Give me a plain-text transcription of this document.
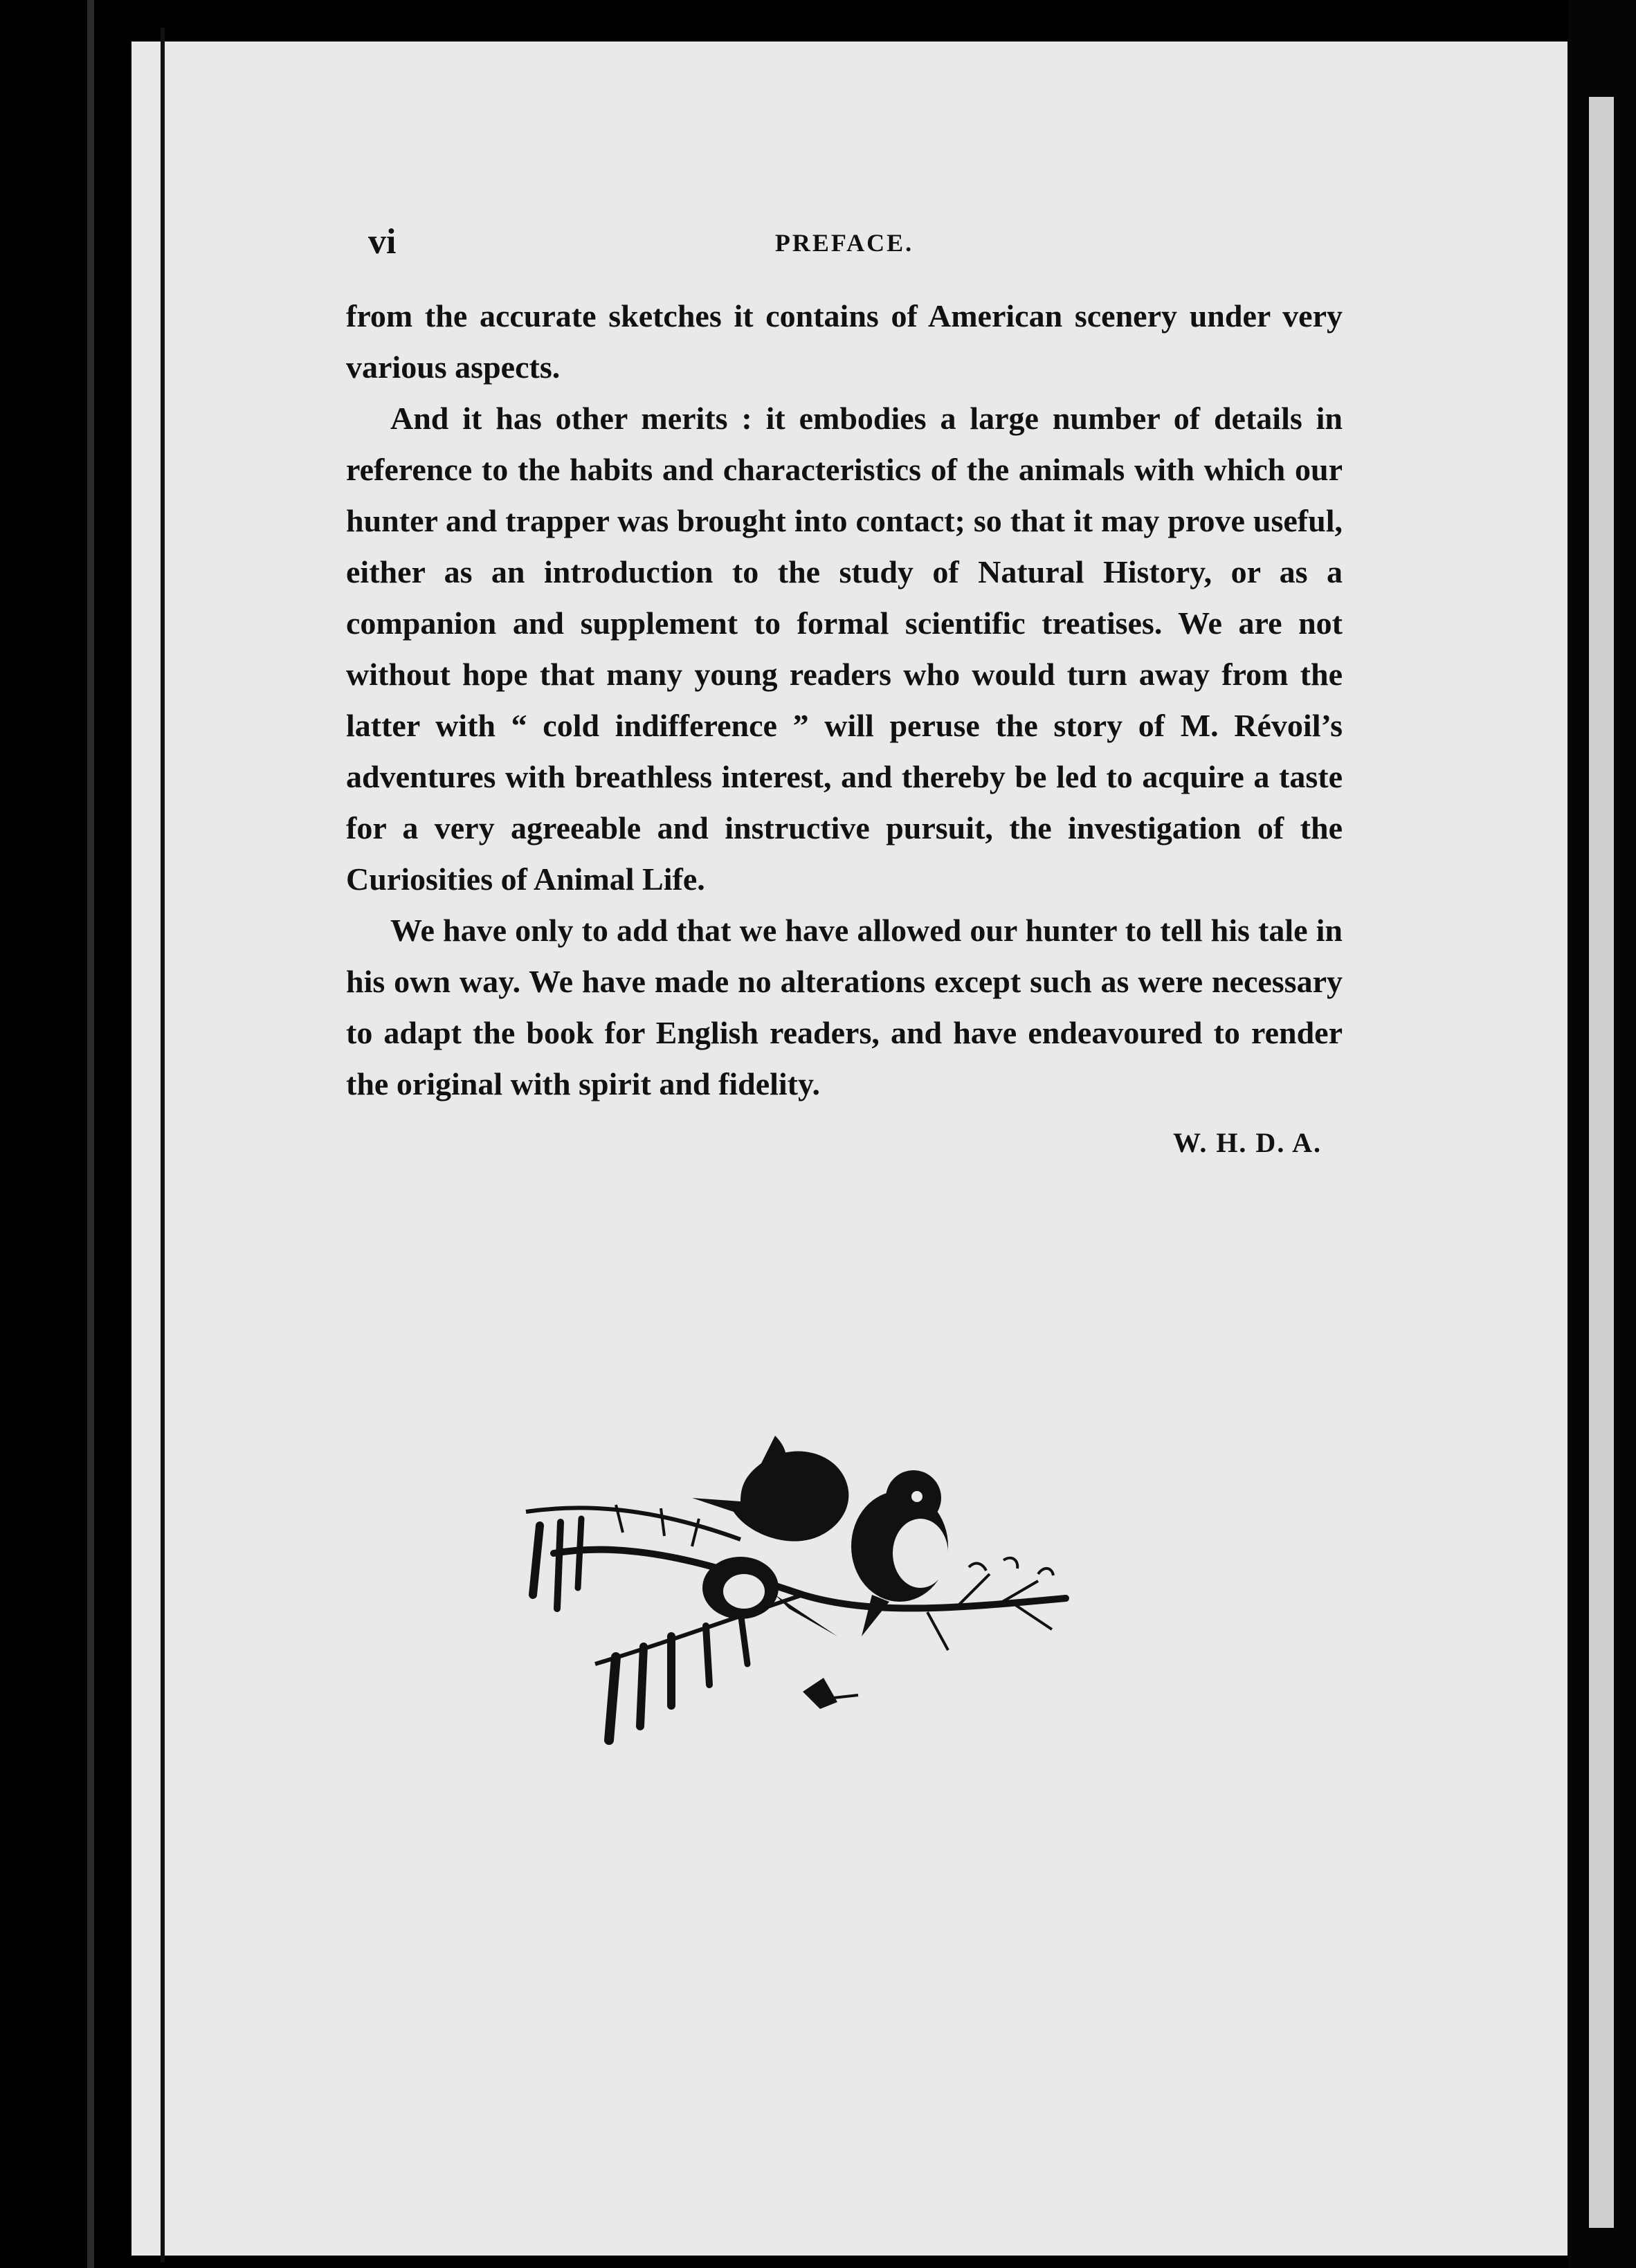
vi	PREFACE.

from the accurate sketches it contains of American scenery under very various aspects.

And it has other merits : it embodies a large number of details in reference to the habits and characteristics of the animals with which our hunter and trapper was brought into contact; so that it may prove useful, either as an introduction to the study of Natural History, or as a companion and supplement to formal scientific treatises. We are not without hope that many young readers who would turn away from the latter with “ cold indifference ” will peruse the story of M. Révoil’s adventures with breathless interest, and thereby be led to acquire a taste for a very agreeable and instructive pursuit, the investigation of the Curiosities of Animal Life.

We have only to add that we have allowed our hunter to tell his tale in his own way. We have made no alterations except such as were necessary to adapt the book for English readers, and have endeavoured to render the original with spirit and fidelity.

W. H. D. A.
